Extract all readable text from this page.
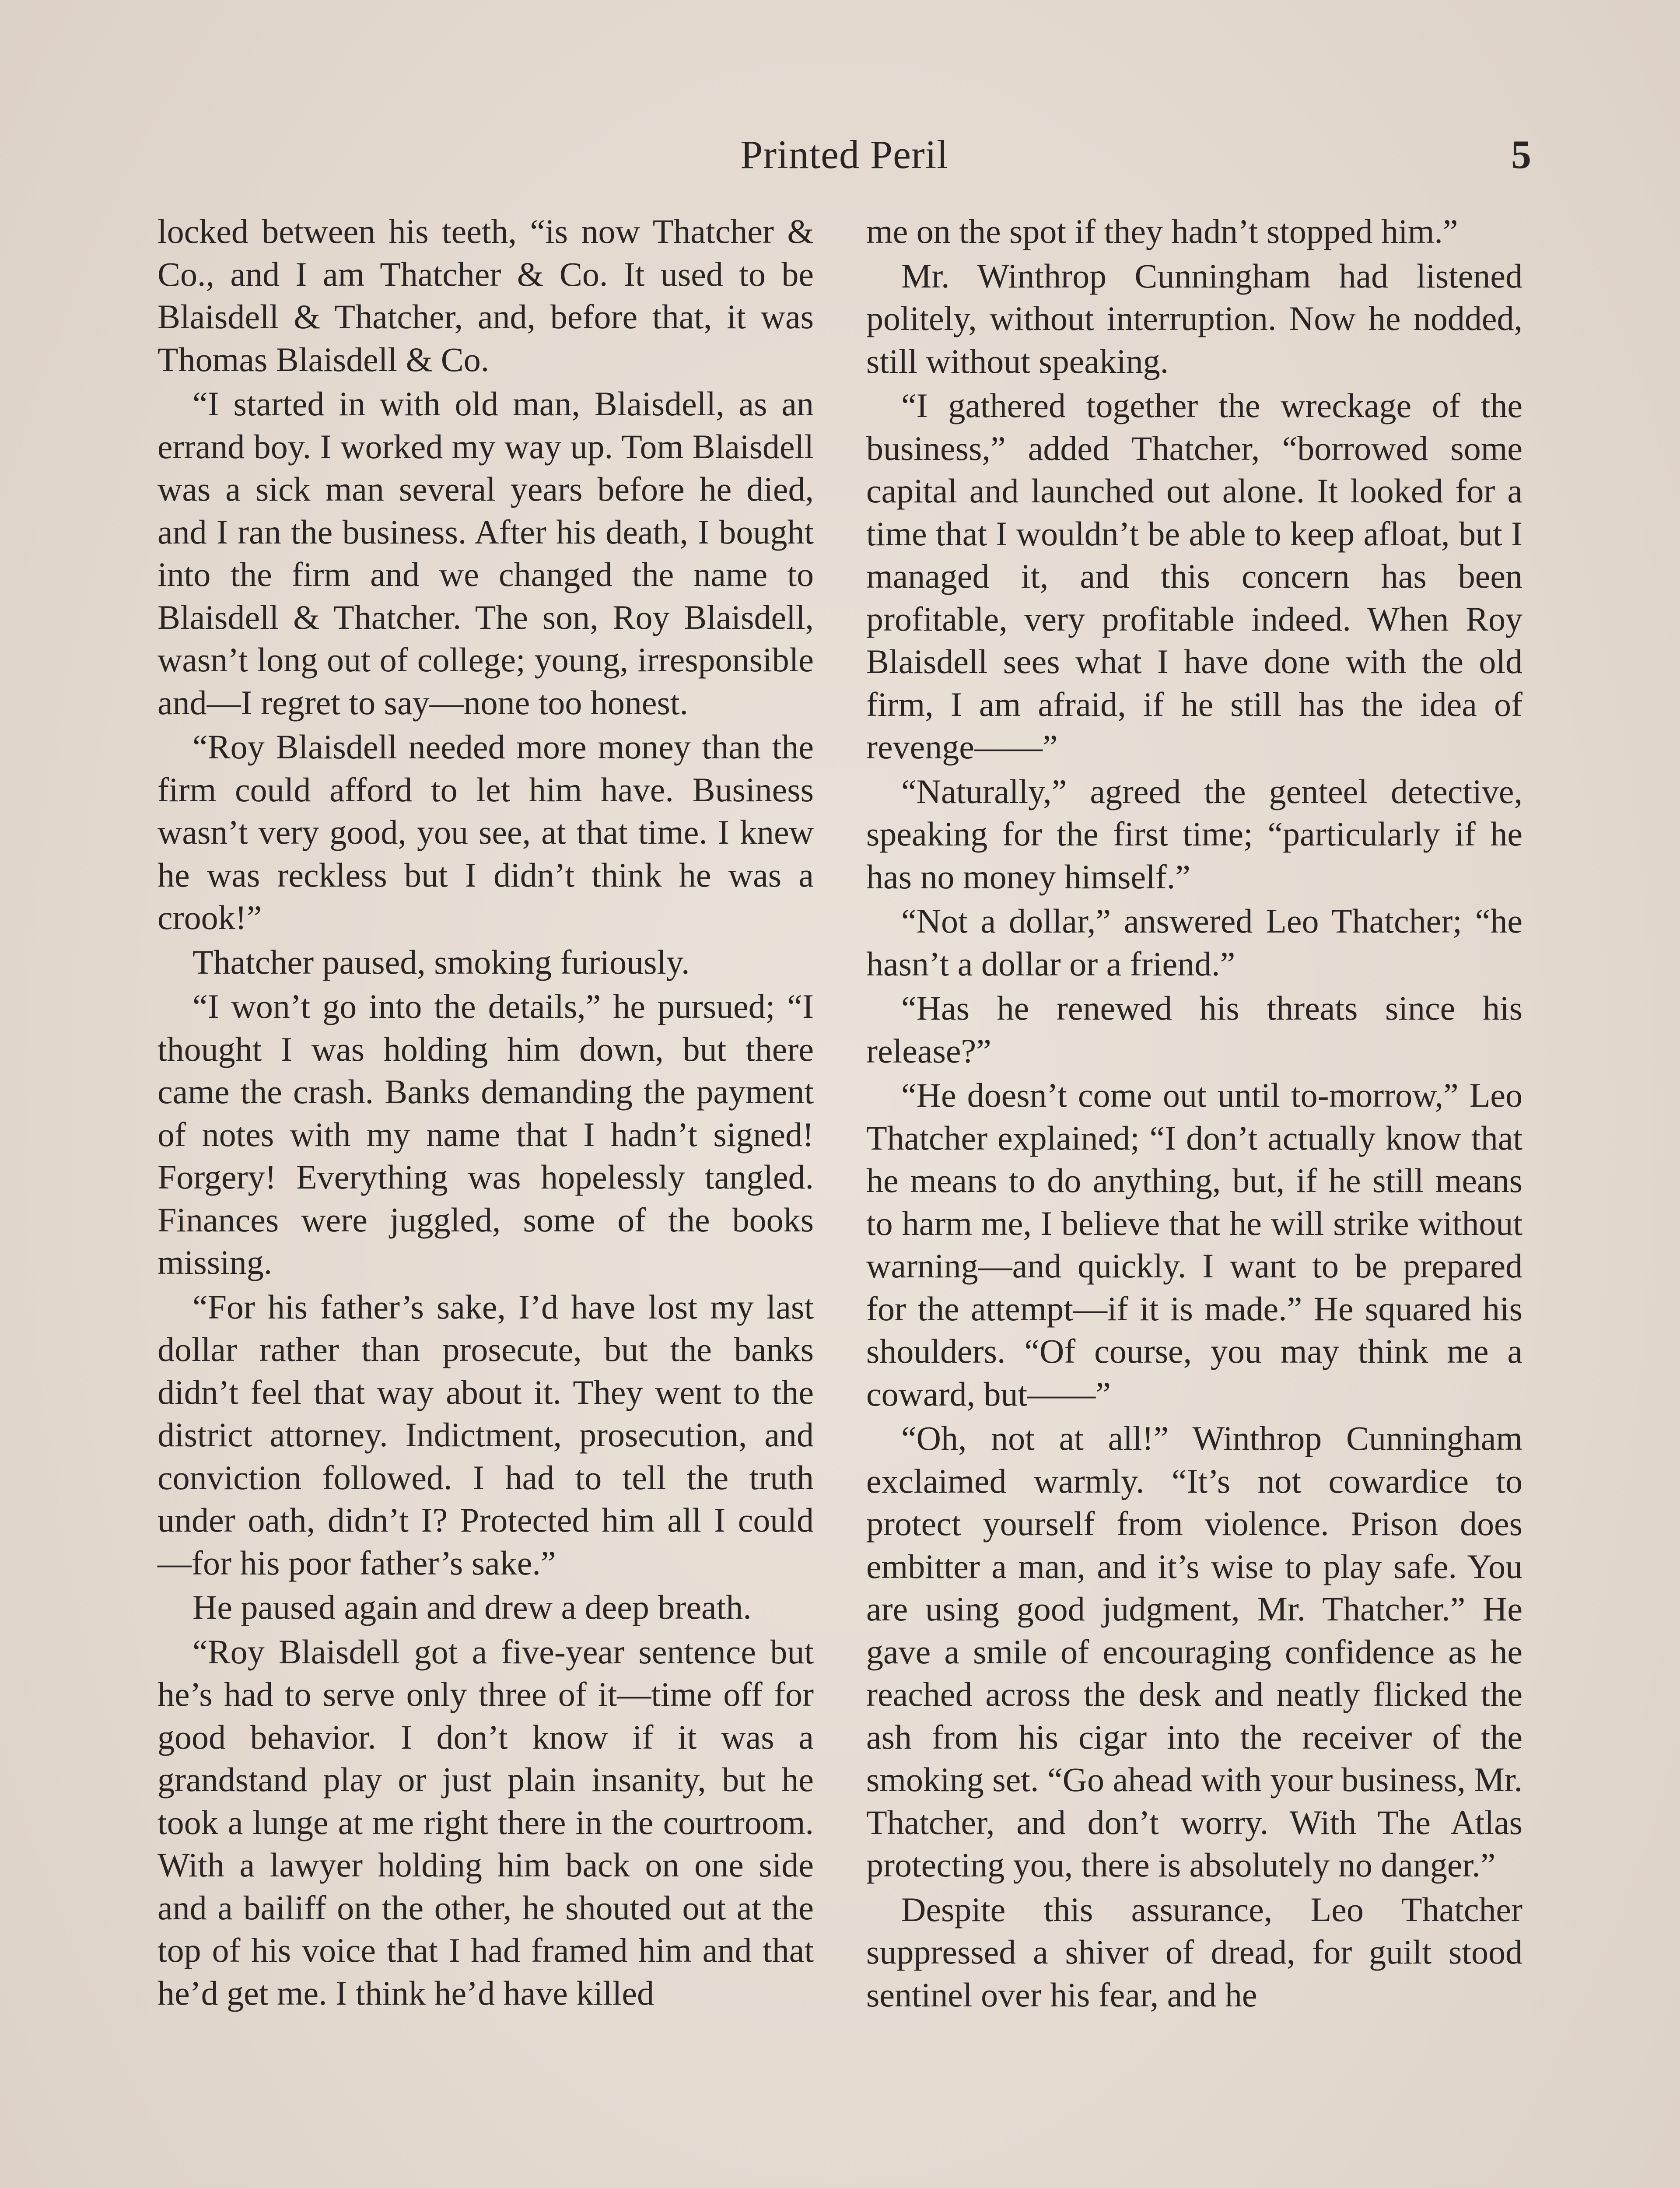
Printed Peril	5

locked between his teeth, “is now Thatcher & Co., and I am Thatcher & Co. It used to be Blaisdell & Thatcher, and, before that, it was Thomas Blaisdell & Co.

“I started in with old man, Blaisdell, as an errand boy. I worked my way up. Tom Blaisdell was a sick man several years before he died, and I ran the business. After his death, I bought into the firm and we changed the name to Blaisdell & Thatcher. The son, Roy Blaisdell, wasn’t long out of college; young, irresponsible and—I regret to say—none too honest.

“Roy Blaisdell needed more money than the firm could afford to let him have. Business wasn’t very good, you see, at that time. I knew he was reckless but I didn’t think he was a crook!”

Thatcher paused, smoking furiously.

“I won’t go into the details,” he pursued; “I thought I was holding him down, but there came the crash. Banks demanding the payment of notes with my name that I hadn’t signed! Forgery! Everything was hopelessly tangled. Finances were juggled, some of the books missing.

“For his father’s sake, I’d have lost my last dollar rather than prosecute, but the banks didn’t feel that way about it. They went to the district attorney. Indictment, prosecution, and conviction followed. I had to tell the truth under oath, didn’t I? Protected him all I could—for his poor father’s sake.”

He paused again and drew a deep breath.

“Roy Blaisdell got a five-year sentence but he’s had to serve only three of it—time off for good behavior. I don’t know if it was a grandstand play or just plain insanity, but he took a lunge at me right there in the courtroom. With a lawyer holding him back on one side and a bailiff on the other, he shouted out at the top of his voice that I had framed him and that he’d get me. I think he’d have killed

me on the spot if they hadn’t stopped him.”

Mr. Winthrop Cunningham had listened politely, without interruption. Now he nodded, still without speaking.

“I gathered together the wreckage of the business,” added Thatcher, “borrowed some capital and launched out alone. It looked for a time that I wouldn’t be able to keep afloat, but I managed it, and this concern has been profitable, very profitable indeed. When Roy Blaisdell sees what I have done with the old firm, I am afraid, if he still has the idea of revenge——”

“Naturally,” agreed the genteel detective, speaking for the first time; “particularly if he has no money himself.”

“Not a dollar,” answered Leo Thatcher; “he hasn’t a dollar or a friend.”

“Has he renewed his threats since his release?”

“He doesn’t come out until to-morrow,” Leo Thatcher explained; “I don’t actually know that he means to do anything, but, if he still means to harm me, I believe that he will strike without warning—and quickly. I want to be prepared for the attempt—if it is made.” He squared his shoulders. “Of course, you may think me a coward, but——”

“Oh, not at all!” Winthrop Cunningham exclaimed warmly. “It’s not cowardice to protect yourself from violence. Prison does embitter a man, and it’s wise to play safe. You are using good judgment, Mr. Thatcher.” He gave a smile of encouraging confidence as he reached across the desk and neatly flicked the ash from his cigar into the receiver of the smoking set. “Go ahead with your business, Mr. Thatcher, and don’t worry. With The Atlas protecting you, there is absolutely no danger.”

Despite this assurance, Leo Thatcher suppressed a shiver of dread, for guilt stood sentinel over his fear, and he
